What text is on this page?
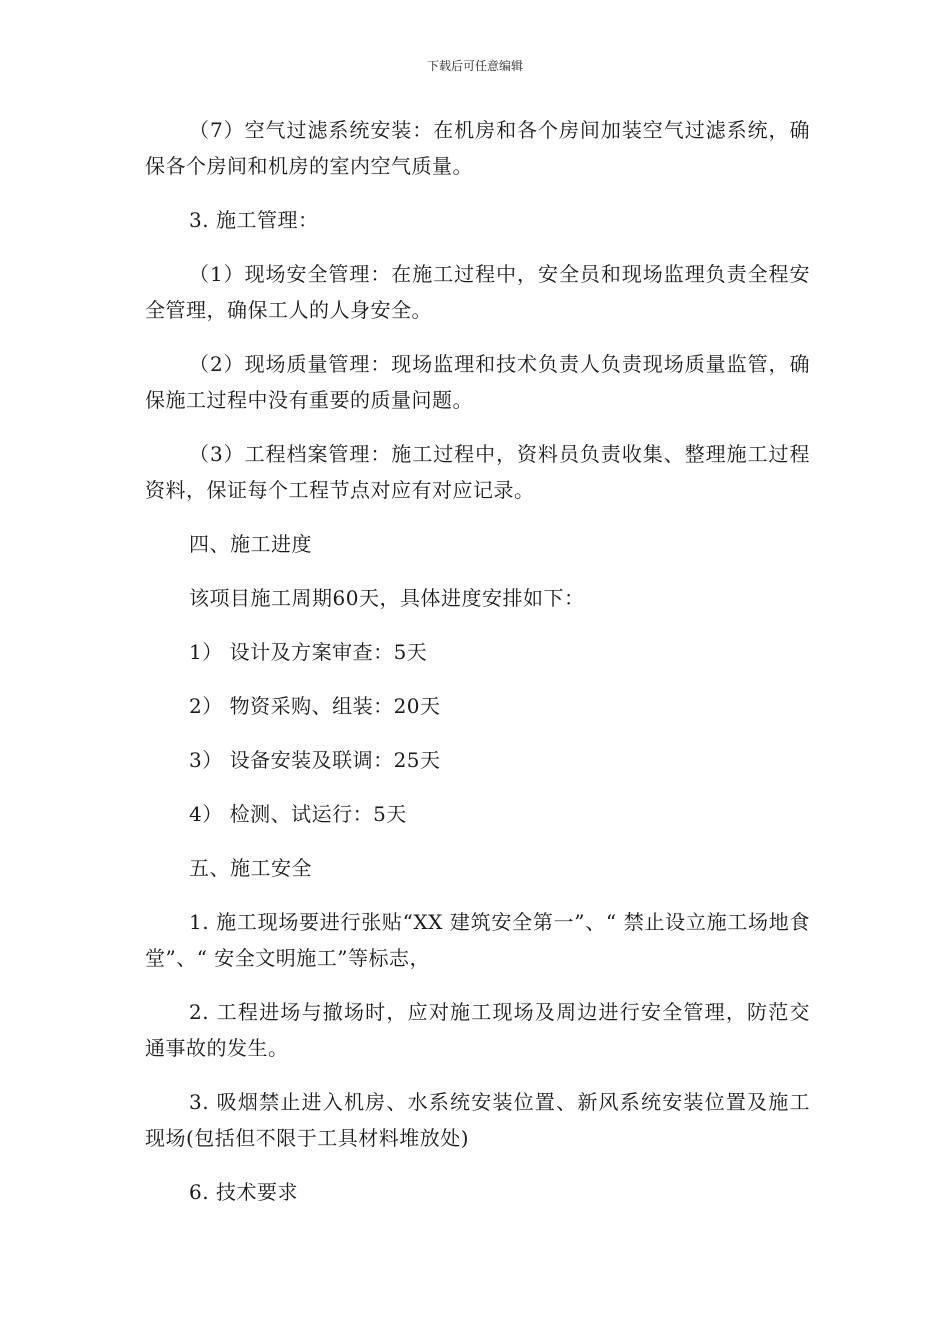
下载后可任意编辑

（7）空气过滤系统安装：在机房和各个房间加装空气过滤系统，确保各个房间和机房的室内空气质量。

3. 施工管理：

（1）现场安全管理：在施工过程中，安全员和现场监理负责全程安全管理，确保工人的人身安全。

（2）现场质量管理：现场监理和技术负责人负责现场质量监管，确保施工过程中没有重要的质量问题。

（3）工程档案管理：施工过程中，资料员负责收集、整理施工过程资料，保证每个工程节点对应有对应记录。

四、施工进度

该项目施工周期60天，具体进度安排如下：

1） 设计及方案审查：5天

2） 物资采购、组装：20天

3） 设备安装及联调：25天

4） 检测、试运行：5天

五、施工安全

1. 施工现场要进行张贴“XX 建筑安全第一”、“ 禁止设立施工场地食堂”、“ 安全文明施工”等标志，

2. 工程进场与撤场时，应对施工现场及周边进行安全管理，防范交通事故的发生。

3. 吸烟禁止进入机房、水系统安装位置、新风系统安装位置及施工现场(包括但不限于工具材料堆放处)

6. 技术要求
